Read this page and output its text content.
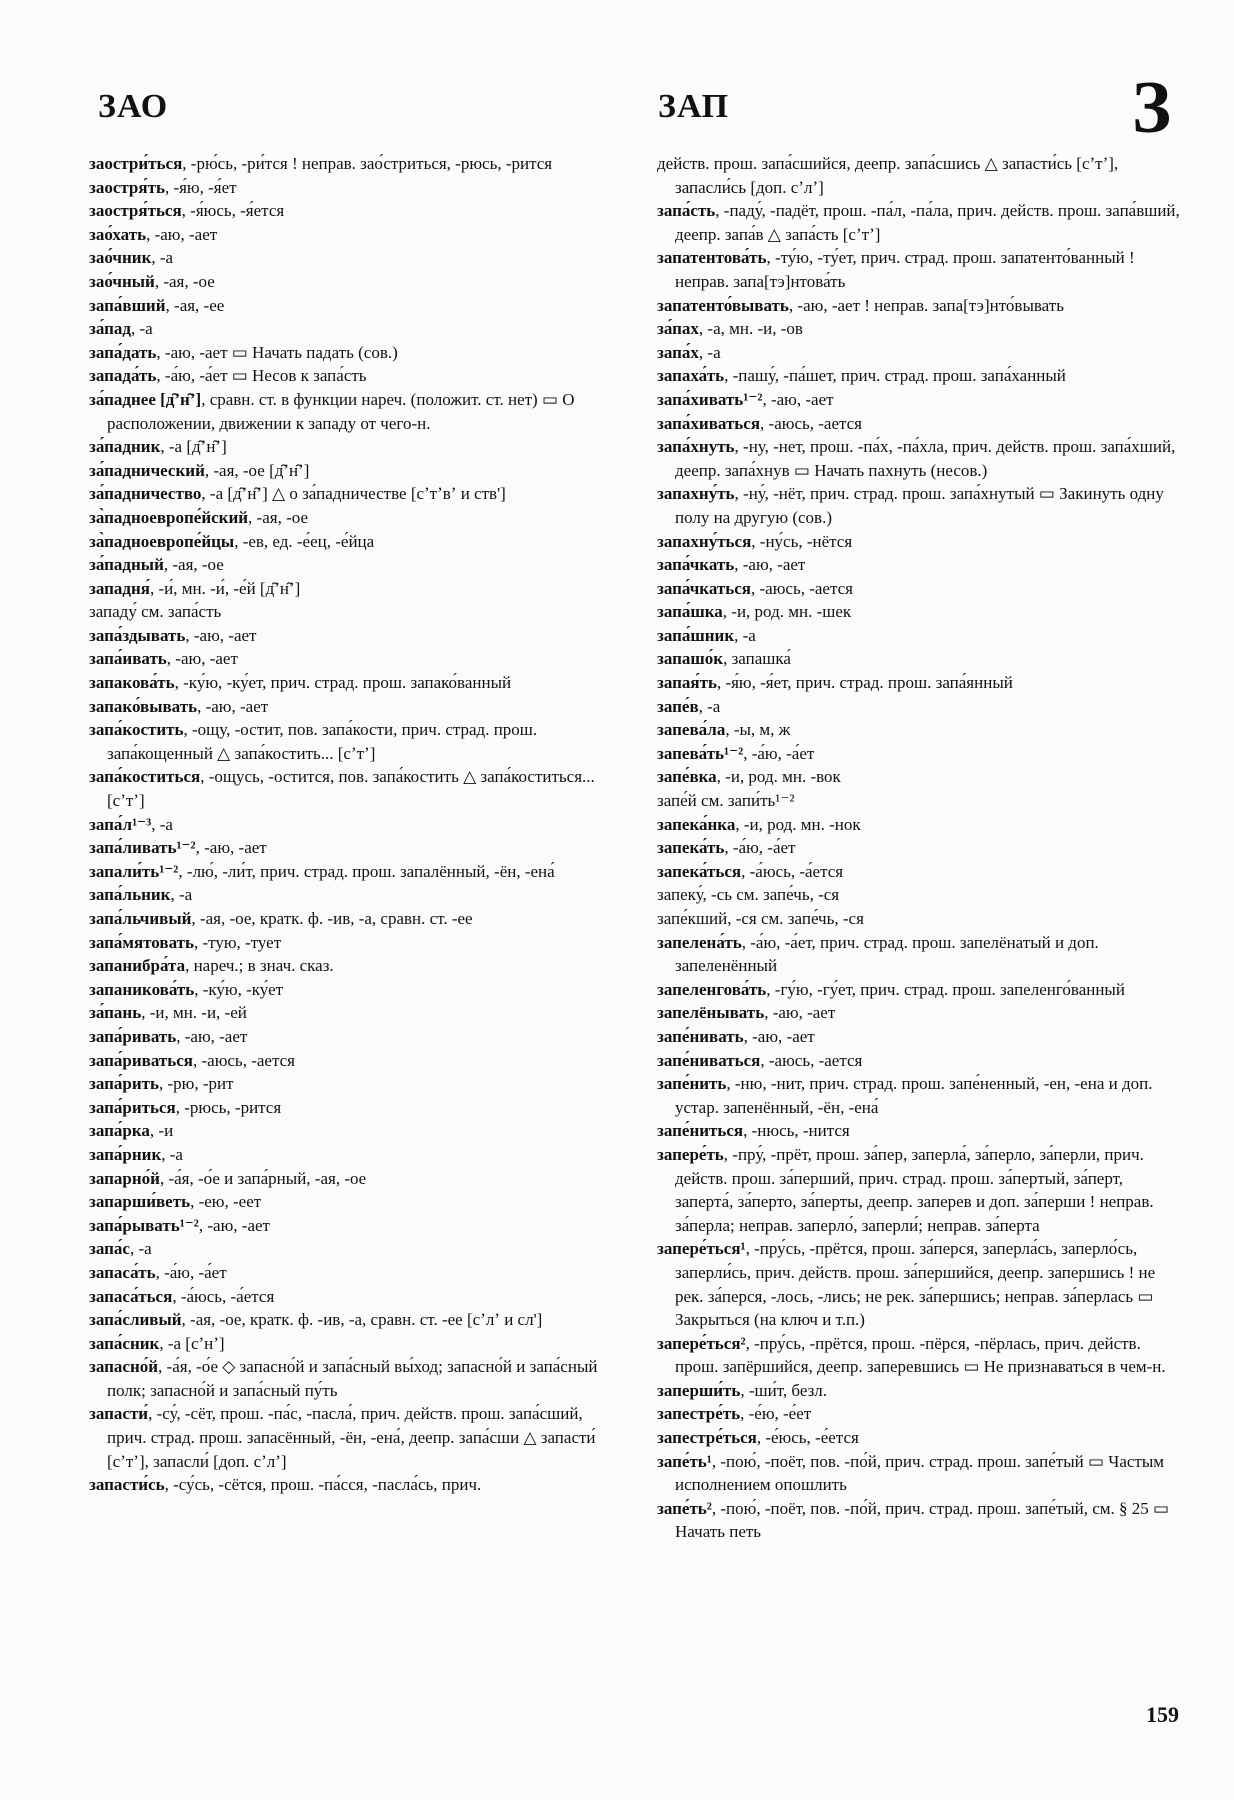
ЗАО	ЗАП	З

заостри́ться, -рю́сь, -ри́тся ! неправ. зао́стриться, -рюсь, -рится

заостря́ть, -я́ю, -я́ет

заостря́ться, -я́юсь, -я́ется

зао́хать, -аю, -ает

зао́чник, -а

зао́чный, -ая, -ое

запа́вший, -ая, -ее

за́пад, -а

запа́дать, -аю, -ает ▭ Начать падать (сов.)

запада́ть, -а́ю, -а́ет ▭ Несов к запа́сть

за́паднее [д̑ʼн̑ʼ], сравн. ст. в функции нареч. (положит. ст. нет) ▭ О расположении, движении к западу от чего-н.

за́падник, -а [д̑ʼн̑ʼ]

за́паднический, -ая, -ое [д̑ʼн̑ʼ]

за́падничество, -а [д̑ʼн̑ʼ] △ о за́падничестве [сʼтʼвʼ и ств']

за̀падноевропе́йский, -ая, -ое

за̀падноевропе́йцы, -ев, ед. -е́ец, -е́йца

за́падный, -ая, -ое

западня́, -и́, мн. -и́, -е́й [д̑ʼн̑ʼ]

западу́ см. запа́сть

запа́здывать, -аю, -ает

запа́ивать, -аю, -ает

запакова́ть, -ку́ю, -ку́ет, прич. страд. прош. запако́ванный

запако́вывать, -аю, -ает

запа́костить, -ощу, -остит, пов. запа́кости, прич. страд. прош. запа́кощенный △ запа́костить... [сʼтʼ]

запа́коститься, -ощусь, -остится, пов. запа́костить △ запа́коститься... [сʼтʼ]

запа́л¹⁻³, -а

запа́ливать¹⁻², -аю, -ает

запали́ть¹⁻², -лю́, -ли́т, прич. страд. прош. запалённый, -ён, -ена́

запа́льник, -а

запа́льчивый, -ая, -ое, кратк. ф. -ив, -а, сравн. ст. -ее

запа́мятовать, -тую, -тует

запанибра́та, нареч.; в знач. сказ.

запаникова́ть, -ку́ю, -ку́ет

за́пань, -и, мн. -и, -ей

запа́ривать, -аю, -ает

запа́риваться, -аюсь, -ается

запа́рить, -рю, -рит

запа́риться, -рюсь, -рится

запа́рка, -и

запа́рник, -а

запарно́й, -а́я, -о́е и запа́рный, -ая, -ое

запарши́веть, -ею, -еет

запа́рывать¹⁻², -аю, -ает

запа́с, -а

запаса́ть, -а́ю, -а́ет

запаса́ться, -а́юсь, -а́ется

запа́сливый, -ая, -ое, кратк. ф. -ив, -а, сравн. ст. -ее [сʼлʼ и сл']

запа́сник, -а [сʼнʼ]

запасно́й, -а́я, -о́е ◇ запасно́й и запа́сный вы́ход; запасно́й и запа́сный полк; запасно́й и запа́сный пу́ть

запасти́, -су́, -сёт, прош. -па́с, -пасла́, прич. действ. прош. запа́сший, прич. страд. прош. запасённый, -ён, -ена́, деепр. запа́сши △ запасти́ [сʼтʼ], запасли́ [доп. сʼлʼ]

запасти́сь, -су́сь, -сётся, прош. -па́сся, -пасла́сь, прич.

действ. прош. запа́сшийся, деепр. запа́сшись △ запасти́сь [сʼтʼ], запасли́сь [доп. сʼлʼ]

запа́сть, -паду́, -падёт, прош. -па́л, -па́ла, прич. действ. прош. запа́вший, деепр. запа́в △ запа́сть [сʼтʼ]

запатентова́ть, -ту́ю, -ту́ет, прич. страд. прош. запатенто́ванный ! неправ. запа[тэ]нтова́ть

запатенто́вывать, -аю, -ает ! неправ. запа[тэ]нто́вывать

за́пах, -а, мн. -и, -ов

запа́х, -а

запаха́ть, -пашу́, -па́шет, прич. страд. прош. запа́ханный

запа́хивать¹⁻², -аю, -ает

запа́хиваться, -аюсь, -ается

запа́хнуть, -ну, -нет, прош. -па́х, -па́хла, прич. действ. прош. запа́хший, деепр. запа́хнув ▭ Начать пахнуть (несов.)

запахну́ть, -ну́, -нёт, прич. страд. прош. запа́хнутый ▭ Закинуть одну полу на другую (сов.)

запахну́ться, -ну́сь, -нётся

запа́чкать, -аю, -ает

запа́чкаться, -аюсь, -ается

запа́шка, -и, род. мн. -шек

запа́шник, -а

запашо́к, запашка́

запая́ть, -я́ю, -я́ет, прич. страд. прош. запа́янный

запе́в, -а

запева́ла, -ы, м, ж

запева́ть¹⁻², -а́ю, -а́ет

запе́вка, -и, род. мн. -вок

запе́й см. запи́ть¹⁻²

запека́нка, -и, род. мн. -нок

запека́ть, -а́ю, -а́ет

запека́ться, -а́юсь, -а́ется

запеку́, -сь см. запе́чь, -ся

запе́кший, -ся см. запе́чь, -ся

запелена́ть, -а́ю, -а́ет, прич. страд. прош. запелёнатый и доп. запеленённый

запеленгова́ть, -гу́ю, -гу́ет, прич. страд. прош. запеленго́ванный

запелёнывать, -аю, -ает

запе́нивать, -аю, -ает

запе́ниваться, -аюсь, -ается

запе́нить, -ню, -нит, прич. страд. прош. запе́ненный, -ен, -ена и доп. устар. запенённый, -ён, -ена́

запе́ниться, -нюсь, -нится

запере́ть, -пру́, -прёт, прош. за́пер, заперла́, за́перло, за́перли, прич. действ. прош. за́перший, прич. страд. прош. за́пертый, за́перт, заперта́, за́перто, за́перты, деепр. заперев и доп. за́перши ! неправ. за́перла; неправ. заперло́, заперли́; неправ. за́перта

запере́ться¹, -пру́сь, -прётся, прош. за́перся, заперла́сь, заперло́сь, заперли́сь, прич. действ. прош. за́першийся, деепр. запершись ! не рек. за́перся, -лось, -лись; не рек. за́першись; неправ. за́перлась ▭ Закрыться (на ключ и т.п.)

запере́ться², -пру́сь, -прётся, прош. -пёрся, -пёрлась, прич. действ. прош. запёршийся, деепр. заперевшись ▭ Не признаваться в чем-н.

заперши́ть, -ши́т, безл.

запестре́ть, -е́ю, -е́ет

запестре́ться, -е́юсь, -е́ется

запе́ть¹, -пою́, -поёт, пов. -по́й, прич. страд. прош. запе́тый ▭ Частым исполнением опошлить

запе́ть², -пою́, -поёт, пов. -по́й, прич. страд. прош. запе́тый, см. § 25 ▭ Начать петь

159
